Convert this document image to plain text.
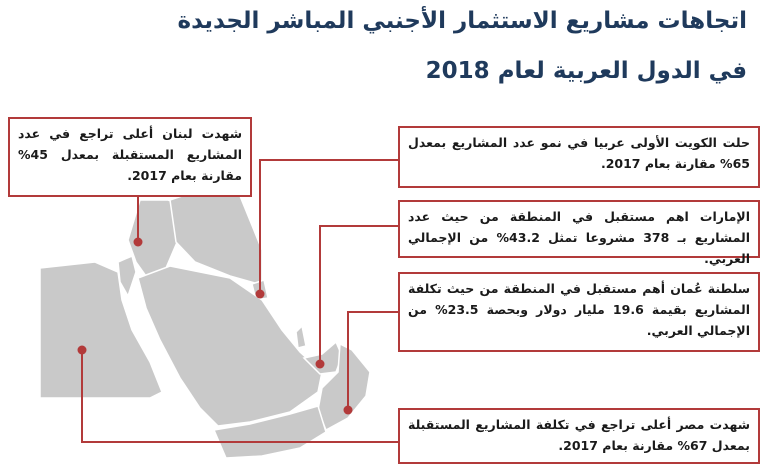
اتجاهات مشاريع الاستثمار الأجنبي المباشر الجديدة
في الدول العربية لعام 2018
شهدت لبنان أعلى تراجع في عدد المشاريع المستقبلة بمعدل 45% مقارنة بعام 2017.
حلت الكويت الأولى عربيا في نمو عدد المشاريع بمعدل 65% مقارنة بعام 2017.
الإمارات اهم مستقبل في المنطقة من حيث عدد المشاريع بـ 378 مشروعا تمثل 43.2% من الإجمالي العربي.
سلطنة عُمان أهم مستقبل في المنطقة من حيث تكلفة المشاريع بقيمة 19.6 مليار دولار وبحصة 23.5% من الإجمالي العربي.
شهدت مصر أعلى تراجع في تكلفة المشاريع المستقبلة بمعدل 67% مقارنة بعام 2017.
